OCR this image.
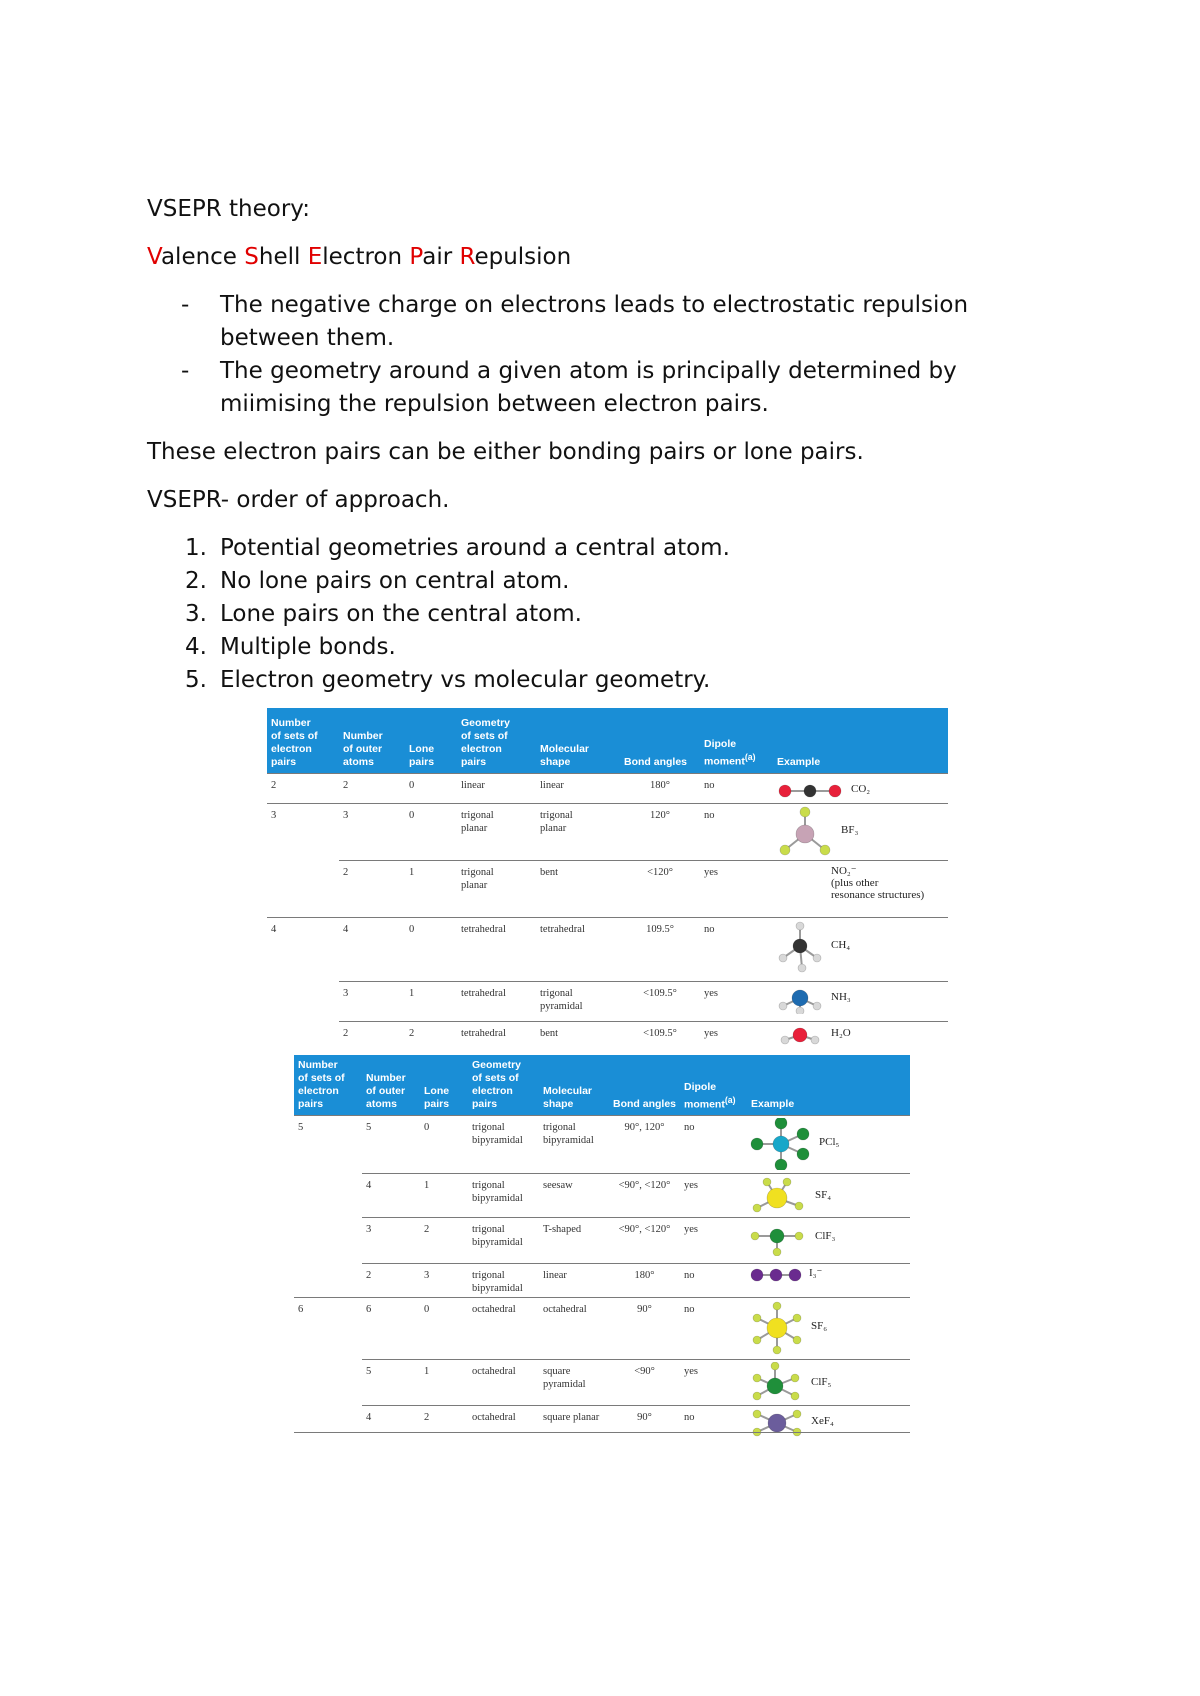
VSEPR theory:

Valence Shell Electron Pair Repulsion

- The negative charge on electrons leads to electrostatic repulsion between them.
- The geometry around a given atom is principally determined by miimising the repulsion between electron pairs.

These electron pairs can be either bonding pairs or lone pairs.

VSEPR- order of approach.

1. Potential geometries around a central atom.
2. No lone pairs on central atom.
3. Lone pairs on the central atom.
4. Multiple bonds.
5. Electron geometry vs molecular geometry.
Number
of sets of
electron
pairs	Number
of outer
atoms	Lone
pairs	Geometry
of sets of
electron
pairs	Molecular
shape	Bond angles	Dipole
moment$^{(a)}$	Example
2	2	0	linear	linear	180°	no	CO₂

3	3	0	trigonal
planar	trigonal
planar	120°	no	BF₃

	2	1	trigonal
planar	bent	<120°	yes	NO₂⁻
(plus other
resonance structures)

4	4	0	tetrahedral	tetrahedral	109.5°	no	CH₄

	3	1	tetrahedral	trigonal
pyramidal	<109.5°	yes	NH₃

	2	2	tetrahedral	bent	<109.5°	yes	H₂O
Number
of sets of
electron
pairs	Number
of outer
atoms	Lone
pairs	Geometry
of sets of
electron
pairs	Molecular
shape	Bond angles	Dipole
moment$^{(a)}$	Example
5	5	0	trigonal
bipyramidal	trigonal
bipyramidal	90°, 120°	no	PCl₅

	4	1	trigonal
bipyramidal	seesaw	<90°, <120°	yes	SF₄

	3	2	trigonal
bipyramidal	T-shaped	<90°, <120°	yes	ClF₃

	2	3	trigonal
bipyramidal	linear	180°	no	I₃⁻

6	6	0	octahedral	octahedral	90°	no	SF₆

	5	1	octahedral	square
pyramidal	<90°	yes	ClF₅

	4	2	octahedral	square planar	90°	no	XeF₄
